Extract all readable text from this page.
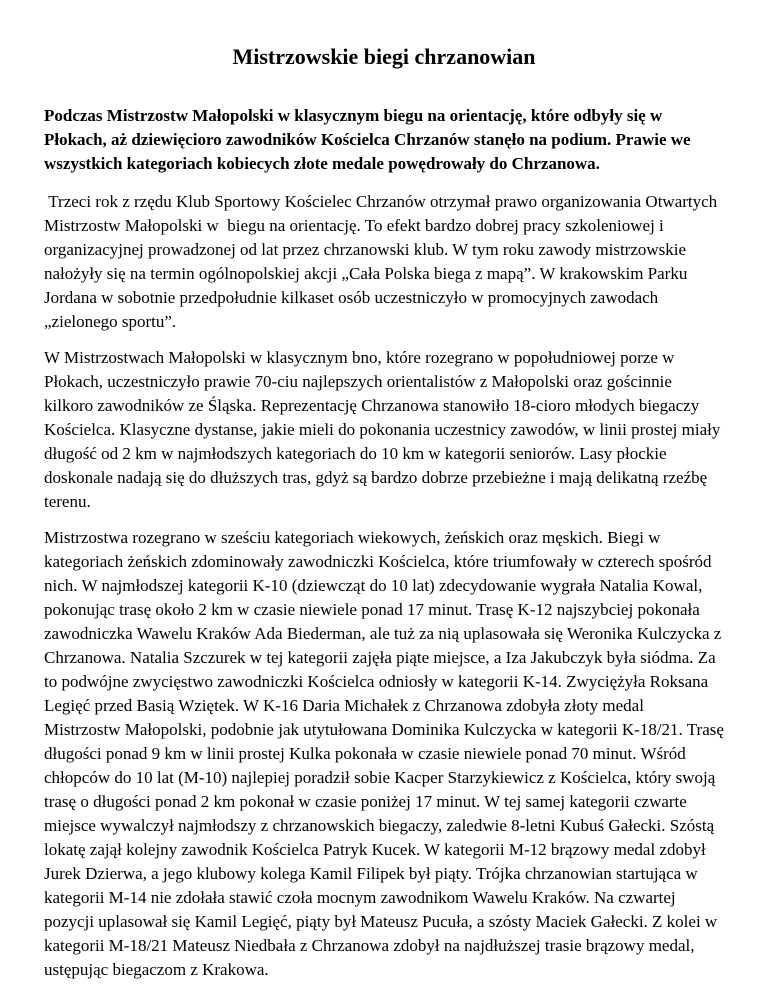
Mistrzowskie biegi chrzanowian

Podczas Mistrzostw Małopolski w klasycznym biegu na orientację, które odbyły się w Płokach, aż dziewięcioro zawodników Kościelca Chrzanów stanęło na podium. Prawie we wszystkich kategoriach kobiecych złote medale powędrowały do Chrzanowa.

Trzeci rok z rzędu Klub Sportowy Kościelec Chrzanów otrzymał prawo organizowania Otwartych Mistrzostw Małopolski w  biegu na orientację. To efekt bardzo dobrej pracy szkoleniowej i organizacyjnej prowadzonej od lat przez chrzanowski klub. W tym roku zawody mistrzowskie nałożyły się na termin ogólnopolskiej akcji „Cała Polska biega z mapą”. W krakowskim Parku Jordana w sobotnie przedpołudnie kilkaset osób uczestniczyło w promocyjnych zawodach „zielonego sportu”.

W Mistrzostwach Małopolski w klasycznym bno, które rozegrano w popołudniowej porze w Płokach, uczestniczyło prawie 70-ciu najlepszych orientalistów z Małopolski oraz gościnnie kilkoro zawodników ze Śląska. Reprezentację Chrzanowa stanowiło 18-cioro młodych biegaczy Kościelca. Klasyczne dystanse, jakie mieli do pokonania uczestnicy zawodów, w linii prostej miały długość od 2 km w najmłodszych kategoriach do 10 km w kategorii seniorów. Lasy płockie doskonale nadają się do dłuższych tras, gdyż są bardzo dobrze przebieżne i mają delikatną rzeźbę terenu.

Mistrzostwa rozegrano w sześciu kategoriach wiekowych, żeńskich oraz męskich. Biegi w kategoriach żeńskich zdominowały zawodniczki Kościelca, które triumfowały w czterech spośród nich. W najmłodszej kategorii K-10 (dziewcząt do 10 lat) zdecydowanie wygrała Natalia Kowal, pokonując trasę około 2 km w czasie niewiele ponad 17 minut. Trasę K-12 najszybciej pokonała zawodniczka Wawelu Kraków Ada Biederman, ale tuż za nią uplasowała się Weronika Kulczycka z Chrzanowa. Natalia Szczurek w tej kategorii zajęła piąte miejsce, a Iza Jakubczyk była siódma. Za to podwójne zwycięstwo zawodniczki Kościelca odniosły w kategorii K-14. Zwyciężyła Roksana Legięć przed Basią Wziętek. W K-16 Daria Michałek z Chrzanowa zdobyła złoty medal Mistrzostw Małopolski, podobnie jak utytułowana Dominika Kulczycka w kategorii K-18/21. Trasę długości ponad 9 km w linii prostej Kulka pokonała w czasie niewiele ponad 70 minut. Wśród chłopców do 10 lat (M-10) najlepiej poradził sobie Kacper Starzykiewicz z Kościelca, który swoją trasę o długości ponad 2 km pokonał w czasie poniżej 17 minut. W tej samej kategorii czwarte miejsce wywalczył najmłodszy z chrzanowskich biegaczy, zaledwie 8-letni Kubuś Gałecki. Szóstą lokatę zajął kolejny zawodnik Kościelca Patryk Kucek. W kategorii M-12 brązowy medal zdobył Jurek Dzierwa, a jego klubowy kolega Kamil Filipek był piąty. Trójka chrzanowian startująca w kategorii M-14 nie zdołała stawić czoła mocnym zawodnikom Wawelu Kraków. Na czwartej pozycji uplasował się Kamil Legięć, piąty był Mateusz Pucuła, a szósty Maciek Gałecki. Z kolei w kategorii M-18/21 Mateusz Niedbała z Chrzanowa zdobył na najdłuższej trasie brązowy medal, ustępując biegaczom z Krakowa.
